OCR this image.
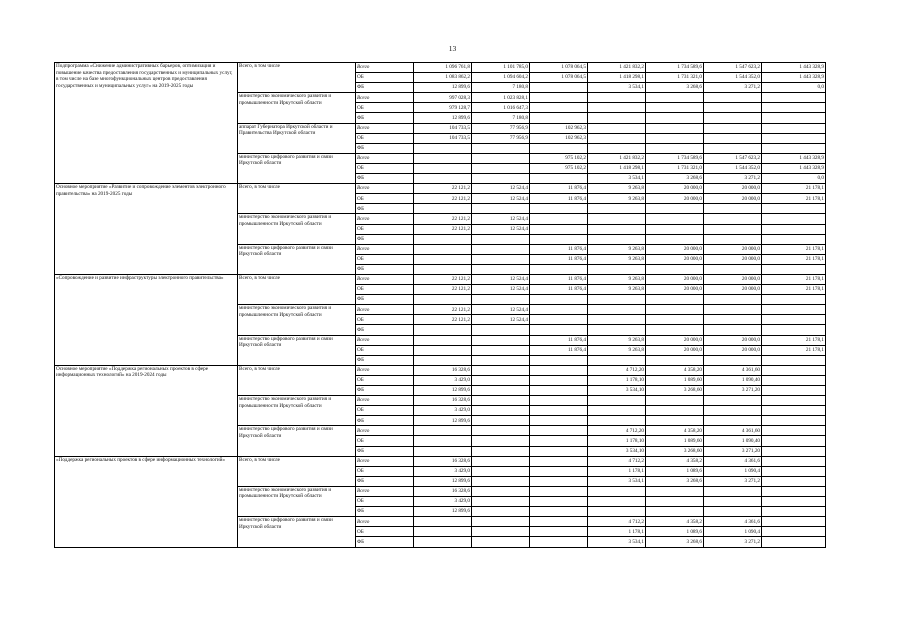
13
Подпрограмма «Снижение административных барьеров, оптимизация и повышение качества предоставления государственных и муниципальных услуг, в том числе на базе многофункциональных центров предоставления государственных и муниципальных услуг» на 2019-2025 годы	Всего, в том числе	Всего	1 096 761,8	1 101 785,0	1 078 064,5	1 421 832,2	1 734 589,6	1 547 623,2	1 443 328,9
		ОБ	1 083 862,2	1 094 604,2	1 078 064,5	1 418 298,1	1 731 321,0	1 544 352,0	1 443 328,9
		ФБ	12 899,6	7 180,8		3 534,1	3 268,6	3 271,2	0,0
	министерство экономического развития и промышленности Иркутской области	Всего	997 028,3	1 023 828,1					
		ОБ	979 128,7	1 016 647,3					
		ФБ	12 899,6	7 180,8					
	аппарат Губернатора Иркутской области и Правительства Иркутской области	Всего	104 733,5	77 956,9	102 962,3				
		ОБ	104 733,5	77 956,9	102 962,3				
		ФБ							
	министерство цифрового развития и связи Иркутской области	Всего			975 102,2	1 421 832,2	1 734 589,6	1 547 623,2	1 443 328,9
		ОБ			975 102,2	1 418 298,1	1 731 321,0	1 544 352,0	1 443 328,9
		ФБ				3 534,1	3 268,6	3 271,2	0,0
Основное мероприятие «Развитие и сопровождение элементов электронного правительства» на 2019-2025 годы	Всего, в том числе	Всего	22 121,2	12 524,4	11 876,4	9 263,8	20 000,0	20 000,0	21 178,1
		ОБ	22 121,2	12 524,4	11 876,4	9 263,8	20 000,0	20 000,0	21 178,1
		ФБ							
	министерство экономического развития и промышленности Иркутской области	Всего	22 121,2	12 524,4					
		ОБ	22 121,2	12 524,4					
		ФБ							
	министерство цифрового развития и связи Иркутской области	Всего			11 876,4	9 263,8	20 000,0	20 000,0	21 178,1
		ОБ			11 876,4	9 263,8	20 000,0	20 000,0	21 178,1
		ФБ							
«Сопровождение и развитие инфраструктуры электронного правительства»	Всего, в том числе	Всего	22 121,2	12 524,4	11 876,4	9 263,8	20 000,0	20 000,0	21 178,1
		ОБ	22 121,2	12 524,4	11 876,4	9 263,8	20 000,0	20 000,0	21 178,1
		ФБ							
	министерство экономического развития и промышленности Иркутской области	Всего	22 121,2	12 524,4					
		ОБ	22 121,2	12 524,4					
		ФБ							
	министерство цифрового развития и связи Иркутской области	Всего			11 876,4	9 263,8	20 000,0	20 000,0	21 178,1
		ОБ			11 876,4	9 263,8	20 000,0	20 000,0	21 178,1
		ФБ							
Основное мероприятие «Поддержка региональных проектов в сфере информационных технологий» на 2019-2024 годы	Всего, в том числе	Всего	16 328,6			4 712,20	4 358,20	4 361,60	
		ОБ	3 429,0			1 178,10	1 089,60	1 090,40	
		ФБ	12 899,6			3 534,10	3 268,60	3 271,20	
	министерство экономического развития и промышленности Иркутской области	Всего	16 328,6						
		ОБ	3 429,0						
		ФБ	12 899,6						
	министерство цифрового развития и связи Иркутской области	Всего				4 712,20	4 358,20	4 361,60	
		ОБ				1 178,10	1 089,60	1 090,40	
		ФБ				3 534,10	3 268,60	3 271,20	
«Поддержка региональных проектов в сфере информационных технологий»	Всего, в том числе	Всего	16 328,6			4 712,2	4 358,2	4 361,6	
		ОБ	3 429,0			1 178,1	1 089,6	1 090,4	
		ФБ	12 899,6			3 534,1	3 268,6	3 271,2	
	министерство экономического развития и промышленности Иркутской области	Всего	16 328,6						
		ОБ	3 429,0						
		ФБ	12 899,6						
	министерство цифрового развития и связи Иркутской области	Всего				4 712,2	4 358,2	4 361,6	
		ОБ				1 178,1	1 089,6	1 090,4	
		ФБ				3 534,1	3 268,6	3 271,2	
